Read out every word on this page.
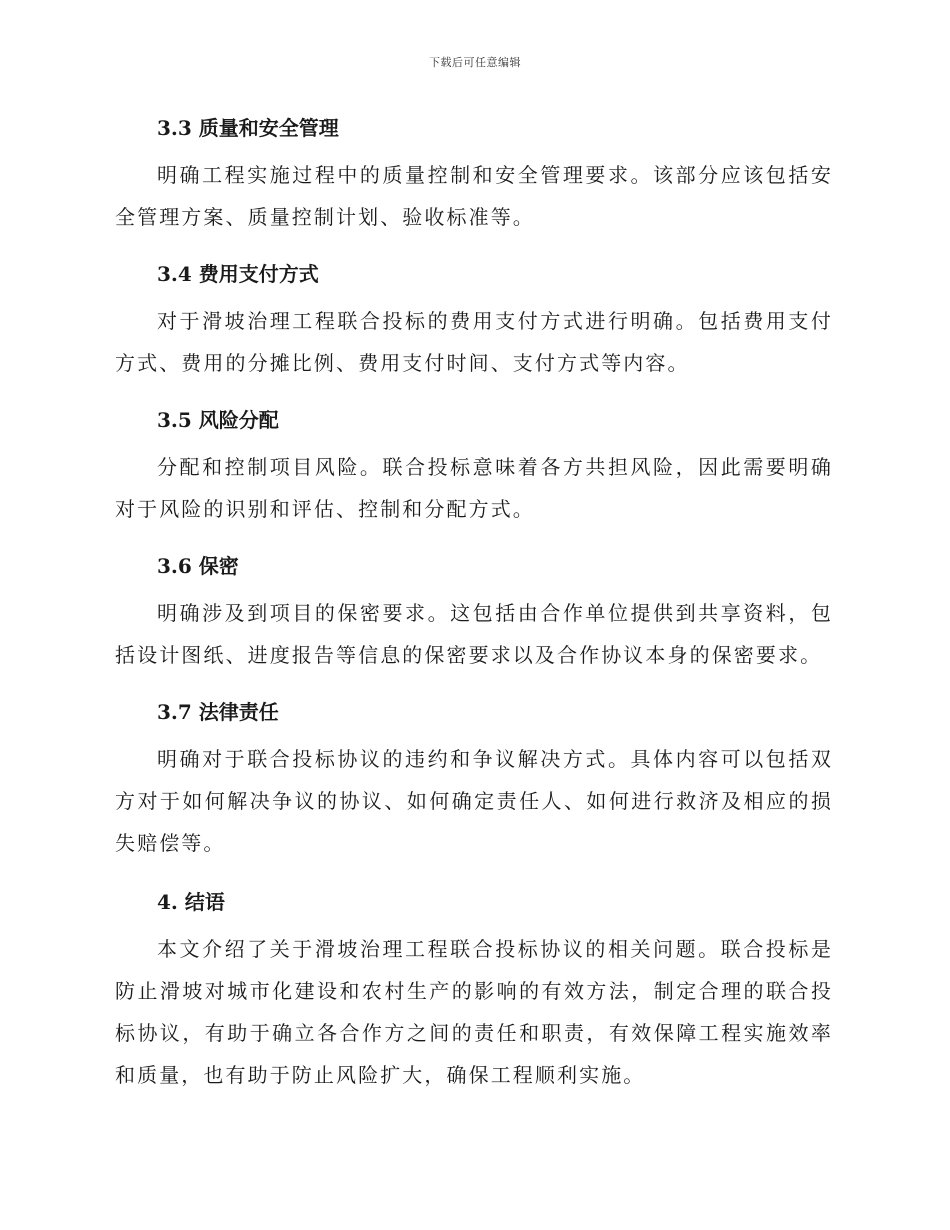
下载后可任意编辑
3.3 质量和安全管理

明确工程实施过程中的质量控制和安全管理要求。该部分应该包括安全管理方案、质量控制计划、验收标准等。

3.4 费用支付方式

对于滑坡治理工程联合投标的费用支付方式进行明确。包括费用支付方式、费用的分摊比例、费用支付时间、支付方式等内容。

3.5 风险分配

分配和控制项目风险。联合投标意味着各方共担风险，因此需要明确对于风险的识别和评估、控制和分配方式。

3.6 保密

明确涉及到项目的保密要求。这包括由合作单位提供到共享资料，包括设计图纸、进度报告等信息的保密要求以及合作协议本身的保密要求。

3.7 法律责任

明确对于联合投标协议的违约和争议解决方式。具体内容可以包括双方对于如何解决争议的协议、如何确定责任人、如何进行救济及相应的损失赔偿等。

4. 结语

本文介绍了关于滑坡治理工程联合投标协议的相关问题。联合投标是防止滑坡对城市化建设和农村生产的影响的有效方法，制定合理的联合投标协议，有助于确立各合作方之间的责任和职责，有效保障工程实施效率和质量，也有助于防止风险扩大，确保工程顺利实施。
